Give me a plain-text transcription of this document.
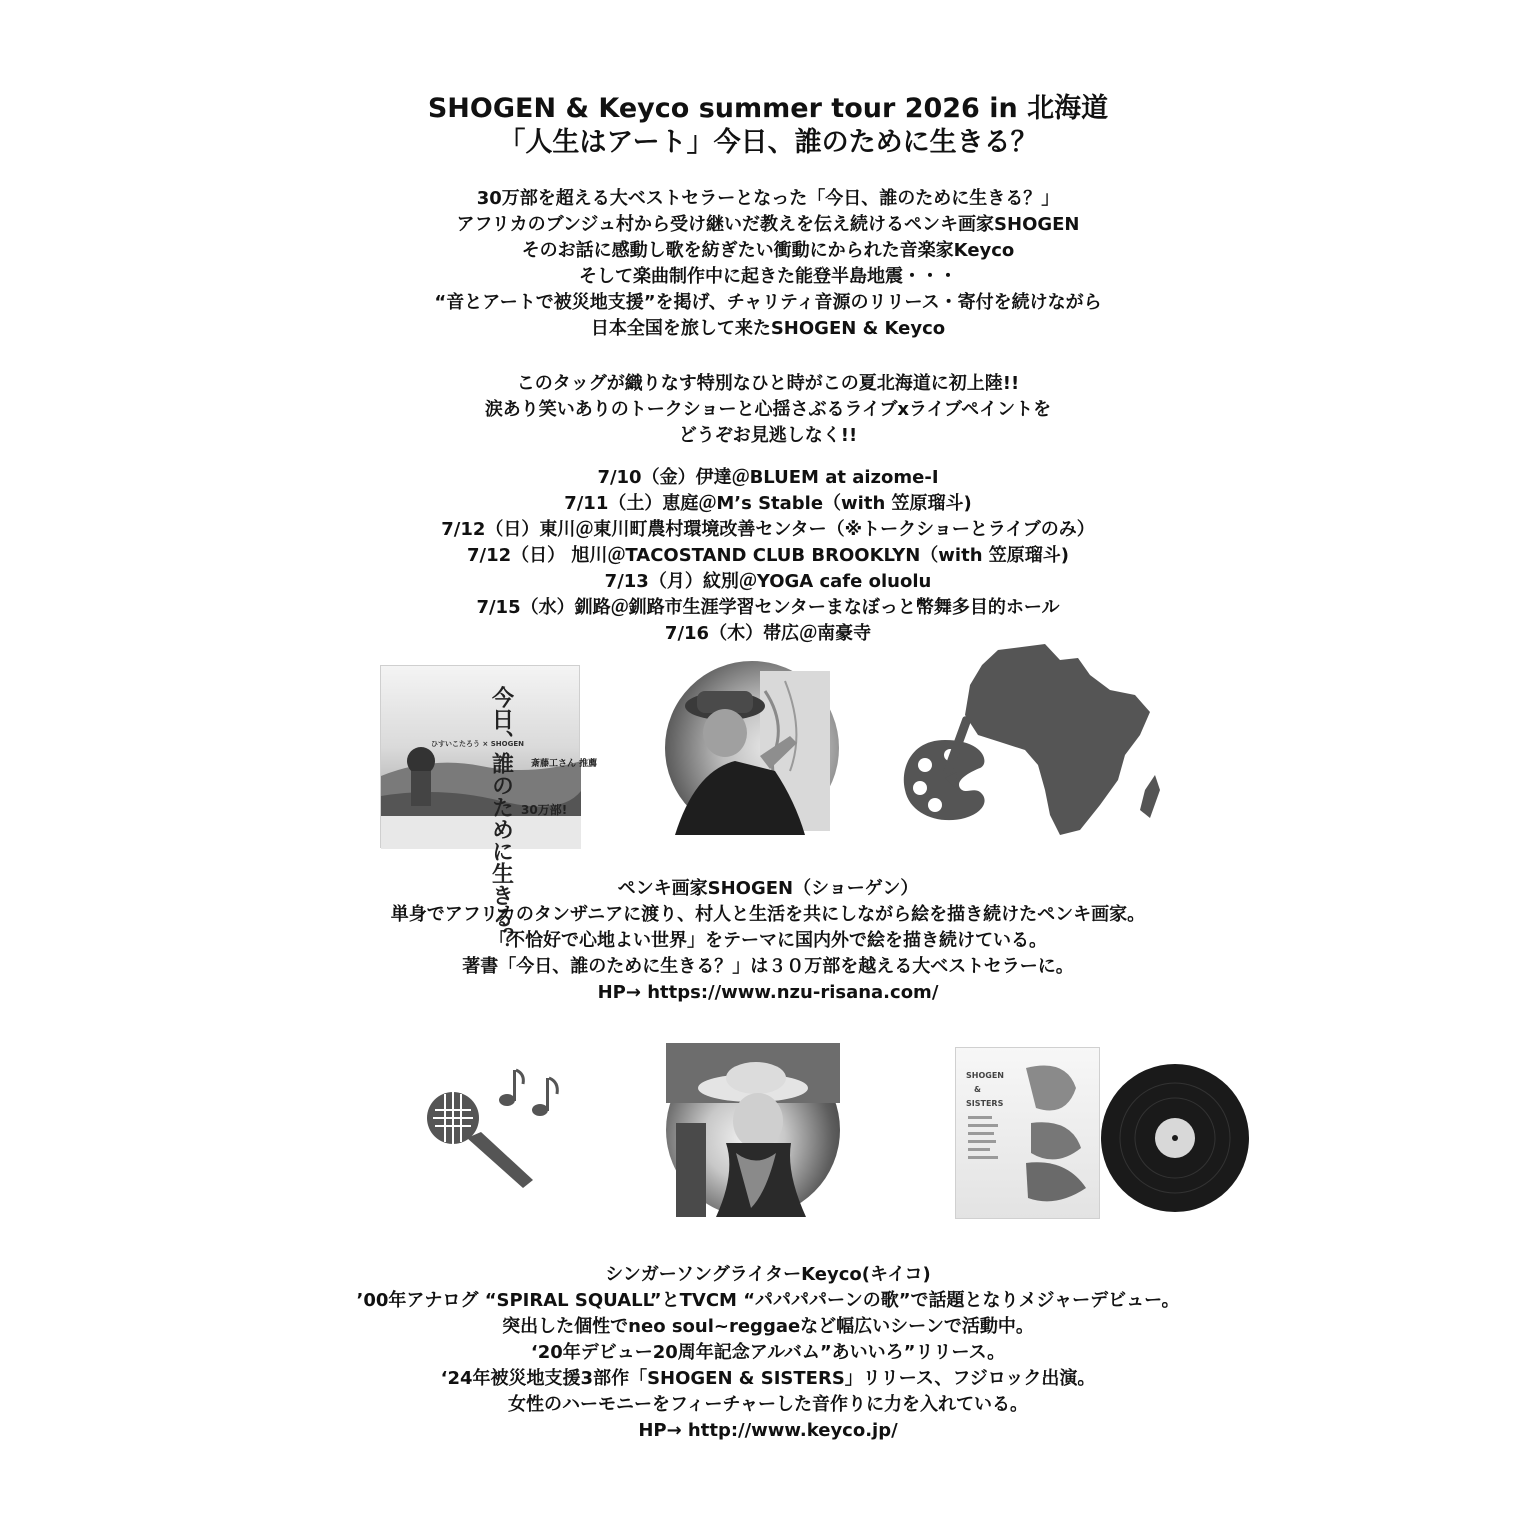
SHOGEN & Keyco summer tour 2026 in 北海道
「人生はアート」今日、誰のために生きる？
30万部を超える大ベストセラーとなった「今日、誰のために生きる？」
アフリカのブンジュ村から受け継いだ教えを伝え続けるペンキ画家SHOGEN
そのお話に感動し歌を紡ぎたい衝動にかられた音楽家Keyco
そして楽曲制作中に起きた能登半島地震・・・
“音とアートで被災地支援”を掲げ、チャリティ音源のリリース・寄付を続けながら
日本全国を旅して来たSHOGEN & Keyco
このタッグが織りなす特別なひと時がこの夏北海道に初上陸!!
涙あり笑いありのトークショーと心揺さぶるライブxライブペイントを
どうぞお見逃しなく!!
7/10（金）伊達＠BLUEM at aizome-I
7/11（土）恵庭＠M’s Stable（with 笠原瑠斗)
7/12（日）東川＠東川町農村環境改善センター（※トークショーとライブのみ）
7/12（日） 旭川＠TACOSTAND CLUB BROOKLYN（with 笠原瑠斗)
7/13（月）紋別＠YOGA cafe oluolu
7/15（水）釧路＠釧路市生涯学習センターまなぼっと幣舞多目的ホール
7/16（木）帯広＠南豪寺
今日、誰のために生きる？
ひすいこたろう × SHOGEN
30万部!
斎藤工さん 推薦
ペンキ画家SHOGEN（ショーゲン）
単身でアフリカのタンザニアに渡り、村人と生活を共にしながら絵を描き続けたペンキ画家。
「不恰好で心地よい世界」をテーマに国内外で絵を描き続けている。
著書「今日、誰のために生きる？」は３０万部を越える大ベストセラーに。
HP→ https://www.nzu-risana.com/
SHOGEN
&
SISTERS
シンガーソングライターKeyco(キイコ)
’00年アナログ “SPIRAL SQUALL”とTVCM “パパパパーンの歌”で話題となりメジャーデビュー。
突出した個性でneo soul~reggaeなど幅広いシーンで活動中。
‘20年デビュー20周年記念アルバム”あいいろ”リリース。
‘24年被災地支援3部作「SHOGEN & SISTERS」リリース、フジロック出演。
女性のハーモニーをフィーチャーした音作りに力を入れている。
HP→ http://www.keyco.jp/
